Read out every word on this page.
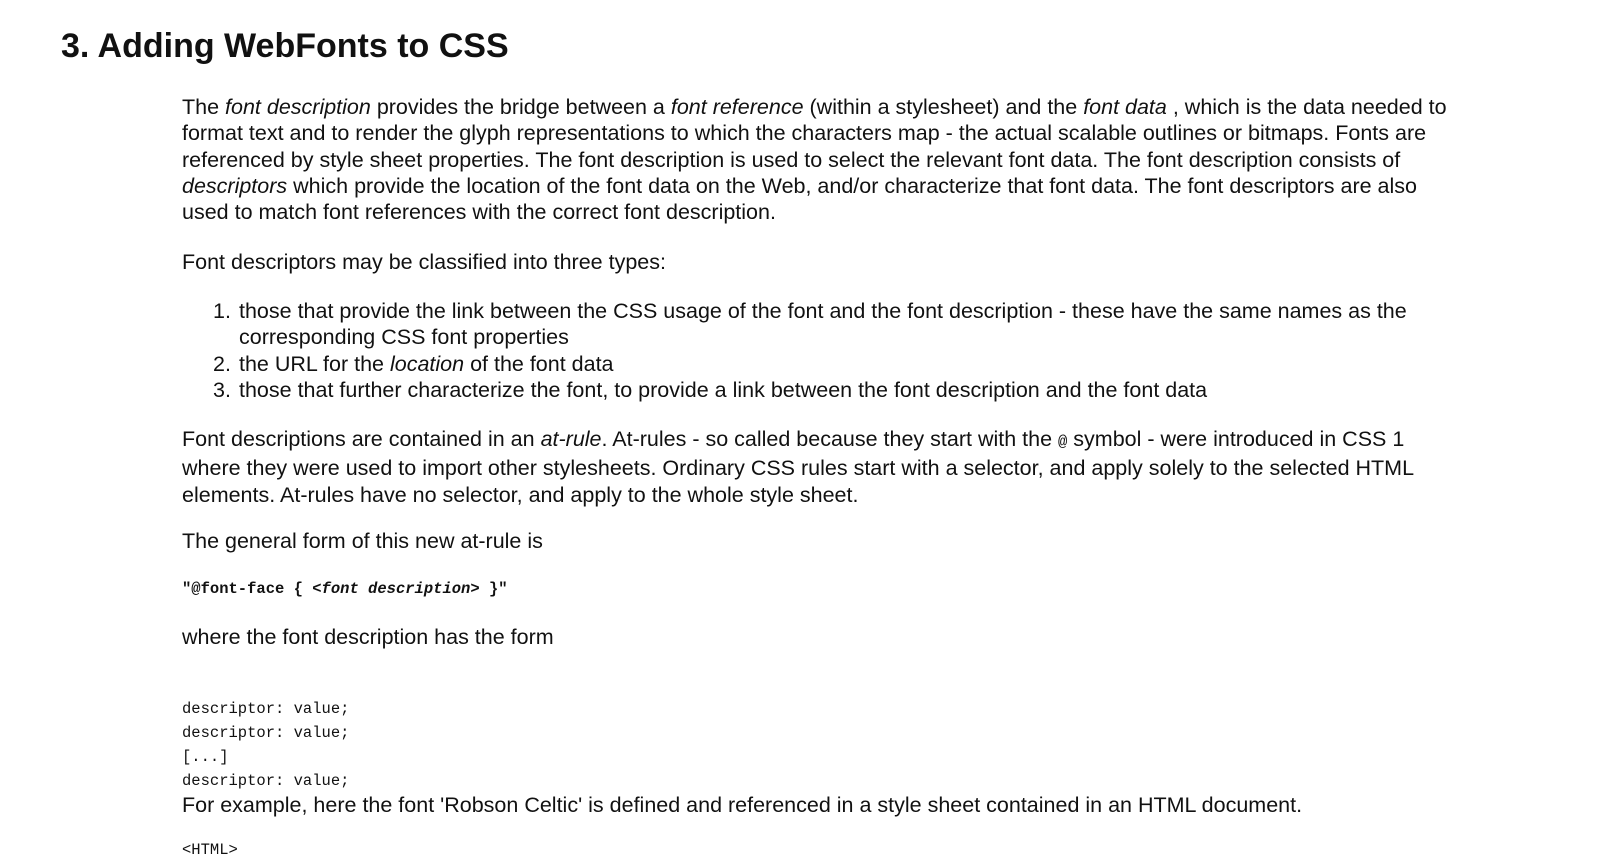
3. Adding WebFonts to CSS
The font description provides the bridge between a font reference (within a stylesheet) and the font data , which is the data needed to
format text and to render the glyph representations to which the characters map - the actual scalable outlines or bitmaps. Fonts are
referenced by style sheet properties. The font description is used to select the relevant font data. The font description consists of
descriptors which provide the location of the font data on the Web, and/or characterize that font data. The font descriptors are also
used to match font references with the correct font description.
Font descriptors may be classified into three types:
1. those that provide the link between the CSS usage of the font and the font description - these have the same names as the
corresponding CSS font properties
2. the URL for the location of the font data
3. those that further characterize the font, to provide a link between the font description and the font data
Font descriptions are contained in an at-rule. At-rules - so called because they start with the @ symbol - were introduced in CSS 1
where they were used to import other stylesheets. Ordinary CSS rules start with a selector, and apply solely to the selected HTML
elements. At-rules have no selector, and apply to the whole style sheet.
The general form of this new at-rule is
"@font-face { <font description> }"
where the font description has the form

descriptor: value;
descriptor: value;
[...]
descriptor: value;
For example, here the font 'Robson Celtic' is defined and referenced in a style sheet contained in an HTML document.
<HTML>
